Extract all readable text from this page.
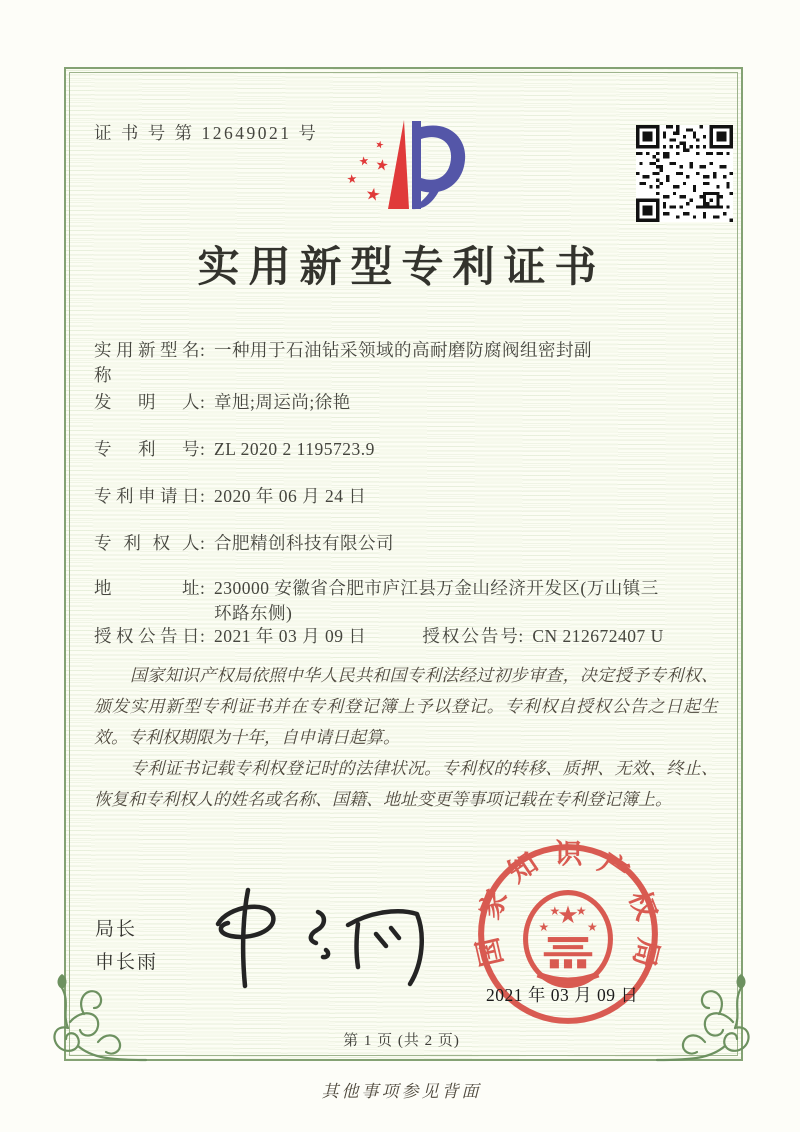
证 书 号 第 12649021 号
★
★ ★
★
★
实用新型专利证书
实用新型名称: 一种用于石油钻采领域的高耐磨防腐阀组密封副
发明人: 章旭;周运尚;徐艳
专利号: ZL 2020 2 1195723.9
专利申请日: 2020 年 06 月 24 日
专利权人: 合肥精创科技有限公司
地址: 230000 安徽省合肥市庐江县万金山经济开发区(万山镇三环路东侧)
授权公告日: 2021 年 03 月 09 日	授权公告号: CN 212672407 U

国家知识产权局依照中华人民共和国专利法经过初步审查，决定授予专利权、颁发实用新型专利证书并在专利登记簿上予以登记。专利权自授权公告之日起生效。专利权期限为十年，自申请日起算。

专利证书记载专利权登记时的法律状况。专利权的转移、质押、无效、终止、恢复和专利权人的姓名或名称、国籍、地址变更等事项记载在专利登记簿上。

局长
申长雨	国家知识产权局
★
★
★ ★
★
2021 年 03 月 09 日
第 1 页 (共 2 页)
其他事项参见背面
